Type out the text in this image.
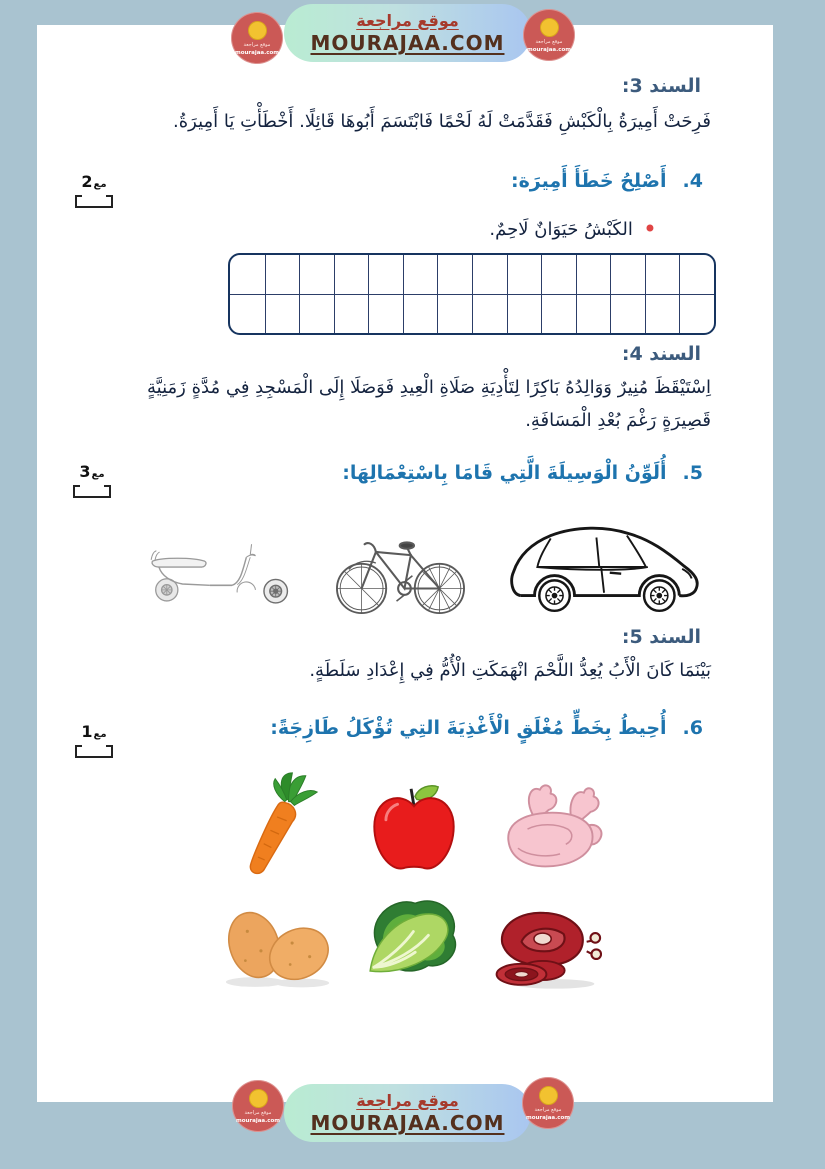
موقع مراجعة
mourajaa.com
موقع مراجعة
MOURAJAA.COM	موقع مراجعة
mourajaa.com
السند 3:
فَرِحَتْ أَمِيرَةُ بِالْكَبْشِ فَقَدَّمَتْ لَهُ لَحْمًا فَابْتَسَمَ أَبُوهَا قَائِلًا. أَخْطَأْتِ يَا أَمِيرَةُ.
4.
أَصْلِحُ خَطَأَ أَمِيرَة:
•
الكَبْشُ حَيَوَانٌ لَاحِمٌ.
2 مع
السند 4:
اِسْتَيْقَظَ مُنِيرٌ وَوَالِدُهُ بَاكِرًا لِتَأْدِيَةِ صَلَاةِ الْعِيدِ فَوَصَلَا إِلَى الْمَسْجِدِ فِي مُدَّةٍ زَمَنِيَّةٍ قَصِيرَةٍ رَغْمَ بُعْدِ الْمَسَافَةِ.
5.
أُلَوِّنُ الْوَسِيلَةَ الَّتِي قَامَا بِاسْتِعْمَالِهَا:
3 مع
السند 5:
بَيْنَمَا كَانَ الْأَبُ يُعِدُّ اللَّحْمَ انْهَمَكَتِ الْأُمُّ فِي إِعْدَادِ سَلَطَةٍ.
6.
أُحِيطُ بِخَطٍّ مُغْلَقٍ الْأَغْذِيَةَ التِي تُؤْكَلُ طَازِجَةً:
1 مع
موقع مراجعة
mourajaa.com
موقع مراجعة
MOURAJAA.COM
موقع مراجعة
mourajaa.com
